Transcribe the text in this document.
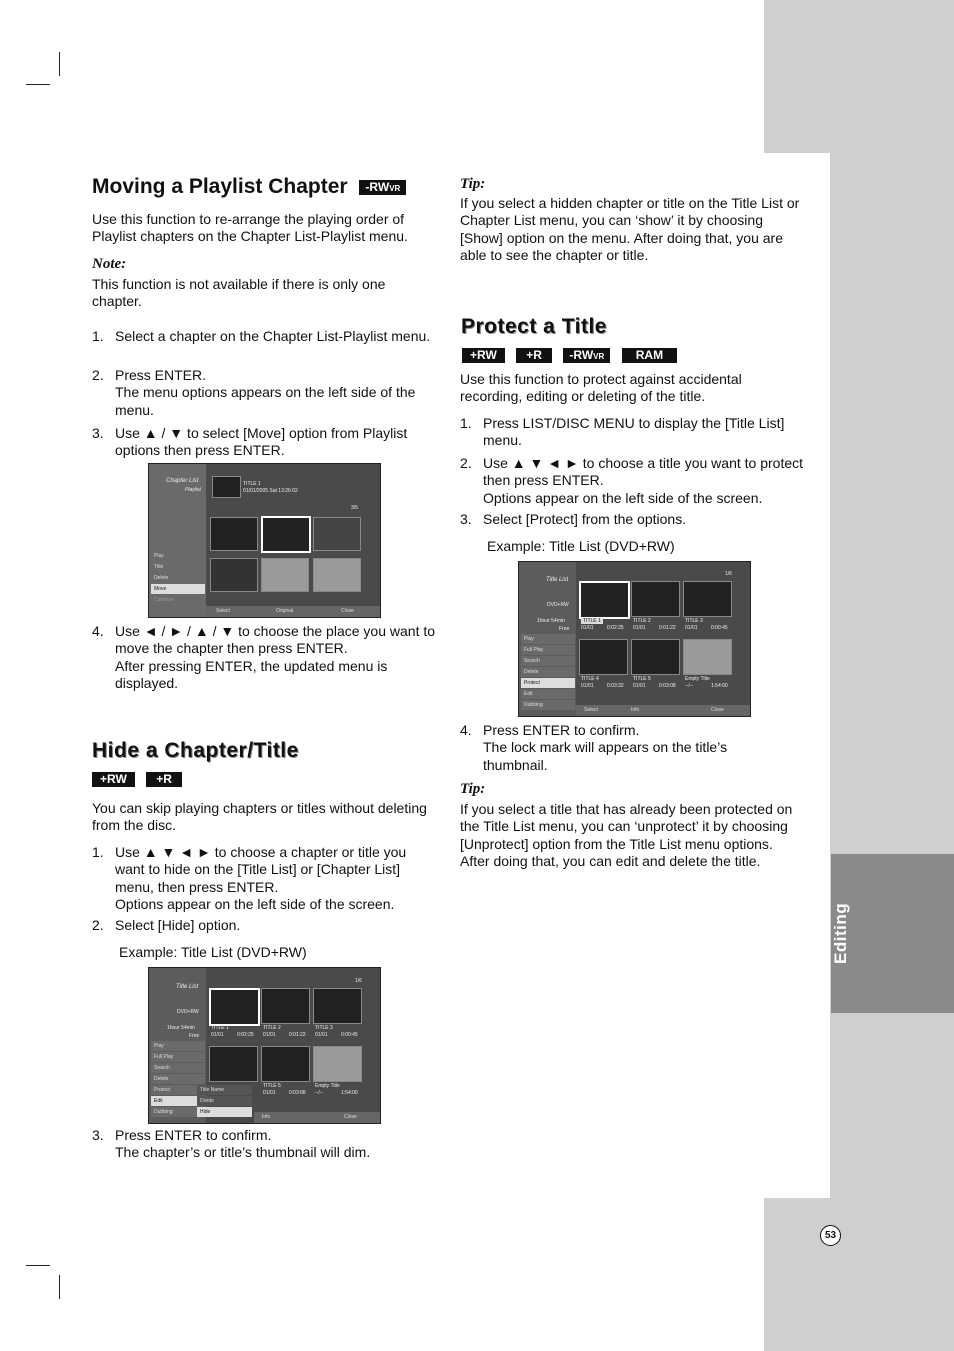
Editing
53
Moving a Playlist Chapter -RWVR
Use this function to re-arrange the playing order of Playlist chapters on the Chapter List-Playlist menu.
Note:
This function is not available if there is only one chapter.
1. Select a chapter on the Chapter List-Playlist menu.
2. Press ENTER.
The menu options appears on the left side of the menu.
3. Use ▲ / ▼ to select [Move] option from Playlist options then press ENTER.
Chapter List
Playlist
TITLE 1
01/01/2005 Sat 13:26:02
3/5
Play
Title
Delete
Move
Combine
Select	Original	Close
4. Use ◄ / ► / ▲ / ▼ to choose the place you want to move the chapter then press ENTER.
After pressing ENTER, the updated menu is displayed.
Hide a Chapter/Title
+RW +R
You can skip playing chapters or titles without deleting from the disc.
1. Use ▲ ▼ ◄ ► to choose a chapter or title you want to hide on the [Title List] or [Chapter List] menu, then press ENTER.
Options appear on the left side of the screen.
2. Select [Hide] option.
Example: Title List (DVD+RW)
Title List
DVD+RW
1hour 54min
Free
1/6
TITLE 1
01/01	0:02:25
TITLE 2
01/01	0:01:22
TITLE 3
01/01	0:00:45
TITLE 5
01/01	0:03:08
Empty Title
--/--	1:54:00
Play
Full Play
Search
Delete
Protect
Edit
Dubbing
Title Name
Divide
Hide
Info	Close
3. Press ENTER to confirm.
The chapter’s or title’s thumbnail will dim.
Tip:
If you select a hidden chapter or title on the Title List or Chapter List menu, you can ‘show’ it by choosing [Show] option on the menu. After doing that, you are able to see the chapter or title.
Protect a Title
+RW +R -RWVR	RAM
Use this function to protect against accidental recording, editing or deleting of the title.
1. Press LIST/DISC MENU to display the [Title List] menu.
2. Use ▲ ▼ ◄ ► to choose a title you want to protect then press ENTER.
Options appear on the left side of the screen.
3. Select [Protect] from the options.
Example: Title List (DVD+RW)
Title List
DVD+RW
1hour 54min
Free
1/6
TITLE 1
01/01	0:02:25
TITLE 2
01/01	0:01:22
TITLE 3
01/01	0:00:45
TITLE 4
01/01	0:03:32
TITLE 5
01/01	0:03:08
Empty Title
--/--	1:54:00
Play
Full Play
Search
Delete
Protect
Edit
Dubbing
Select	Info	Close
4. Press ENTER to confirm.
The lock mark will appears on the title’s thumbnail.
Tip:
If you select a title that has already been protected on the Title List menu, you can ‘unprotect’ it by choosing [Unprotect] option from the Title List menu options. After doing that, you can edit and delete the title.
